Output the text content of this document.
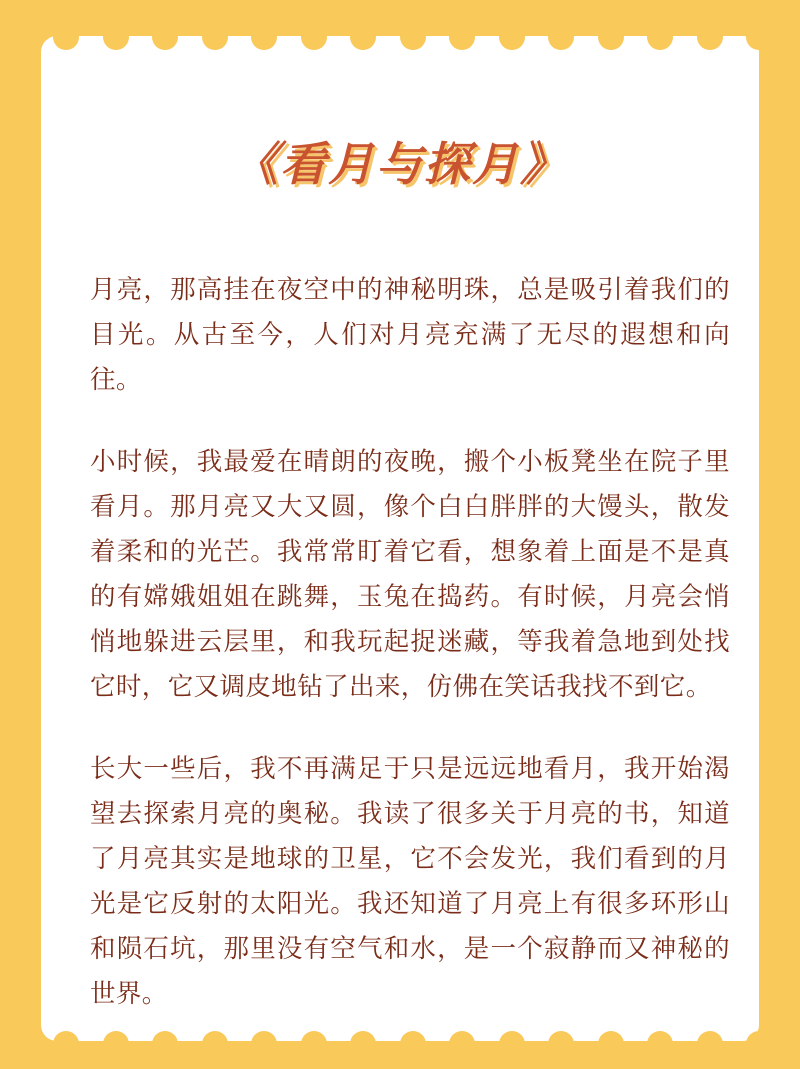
《看月与探月》

月亮，那高挂在夜空中的神秘明珠，总是吸引着我们的目光。从古至今，人们对月亮充满了无尽的遐想和向往。

小时候，我最爱在晴朗的夜晚，搬个小板凳坐在院子里看月。那月亮又大又圆，像个白白胖胖的大馒头，散发着柔和的光芒。我常常盯着它看，想象着上面是不是真的有嫦娥姐姐在跳舞，玉兔在捣药。有时候，月亮会悄悄地躲进云层里，和我玩起捉迷藏，等我着急地到处找它时，它又调皮地钻了出来，仿佛在笑话我找不到它。

长大一些后，我不再满足于只是远远地看月，我开始渴望去探索月亮的奥秘。我读了很多关于月亮的书，知道了月亮其实是地球的卫星，它不会发光，我们看到的月光是它反射的太阳光。我还知道了月亮上有很多环形山和陨石坑，那里没有空气和水，是一个寂静而又神秘的世界。
